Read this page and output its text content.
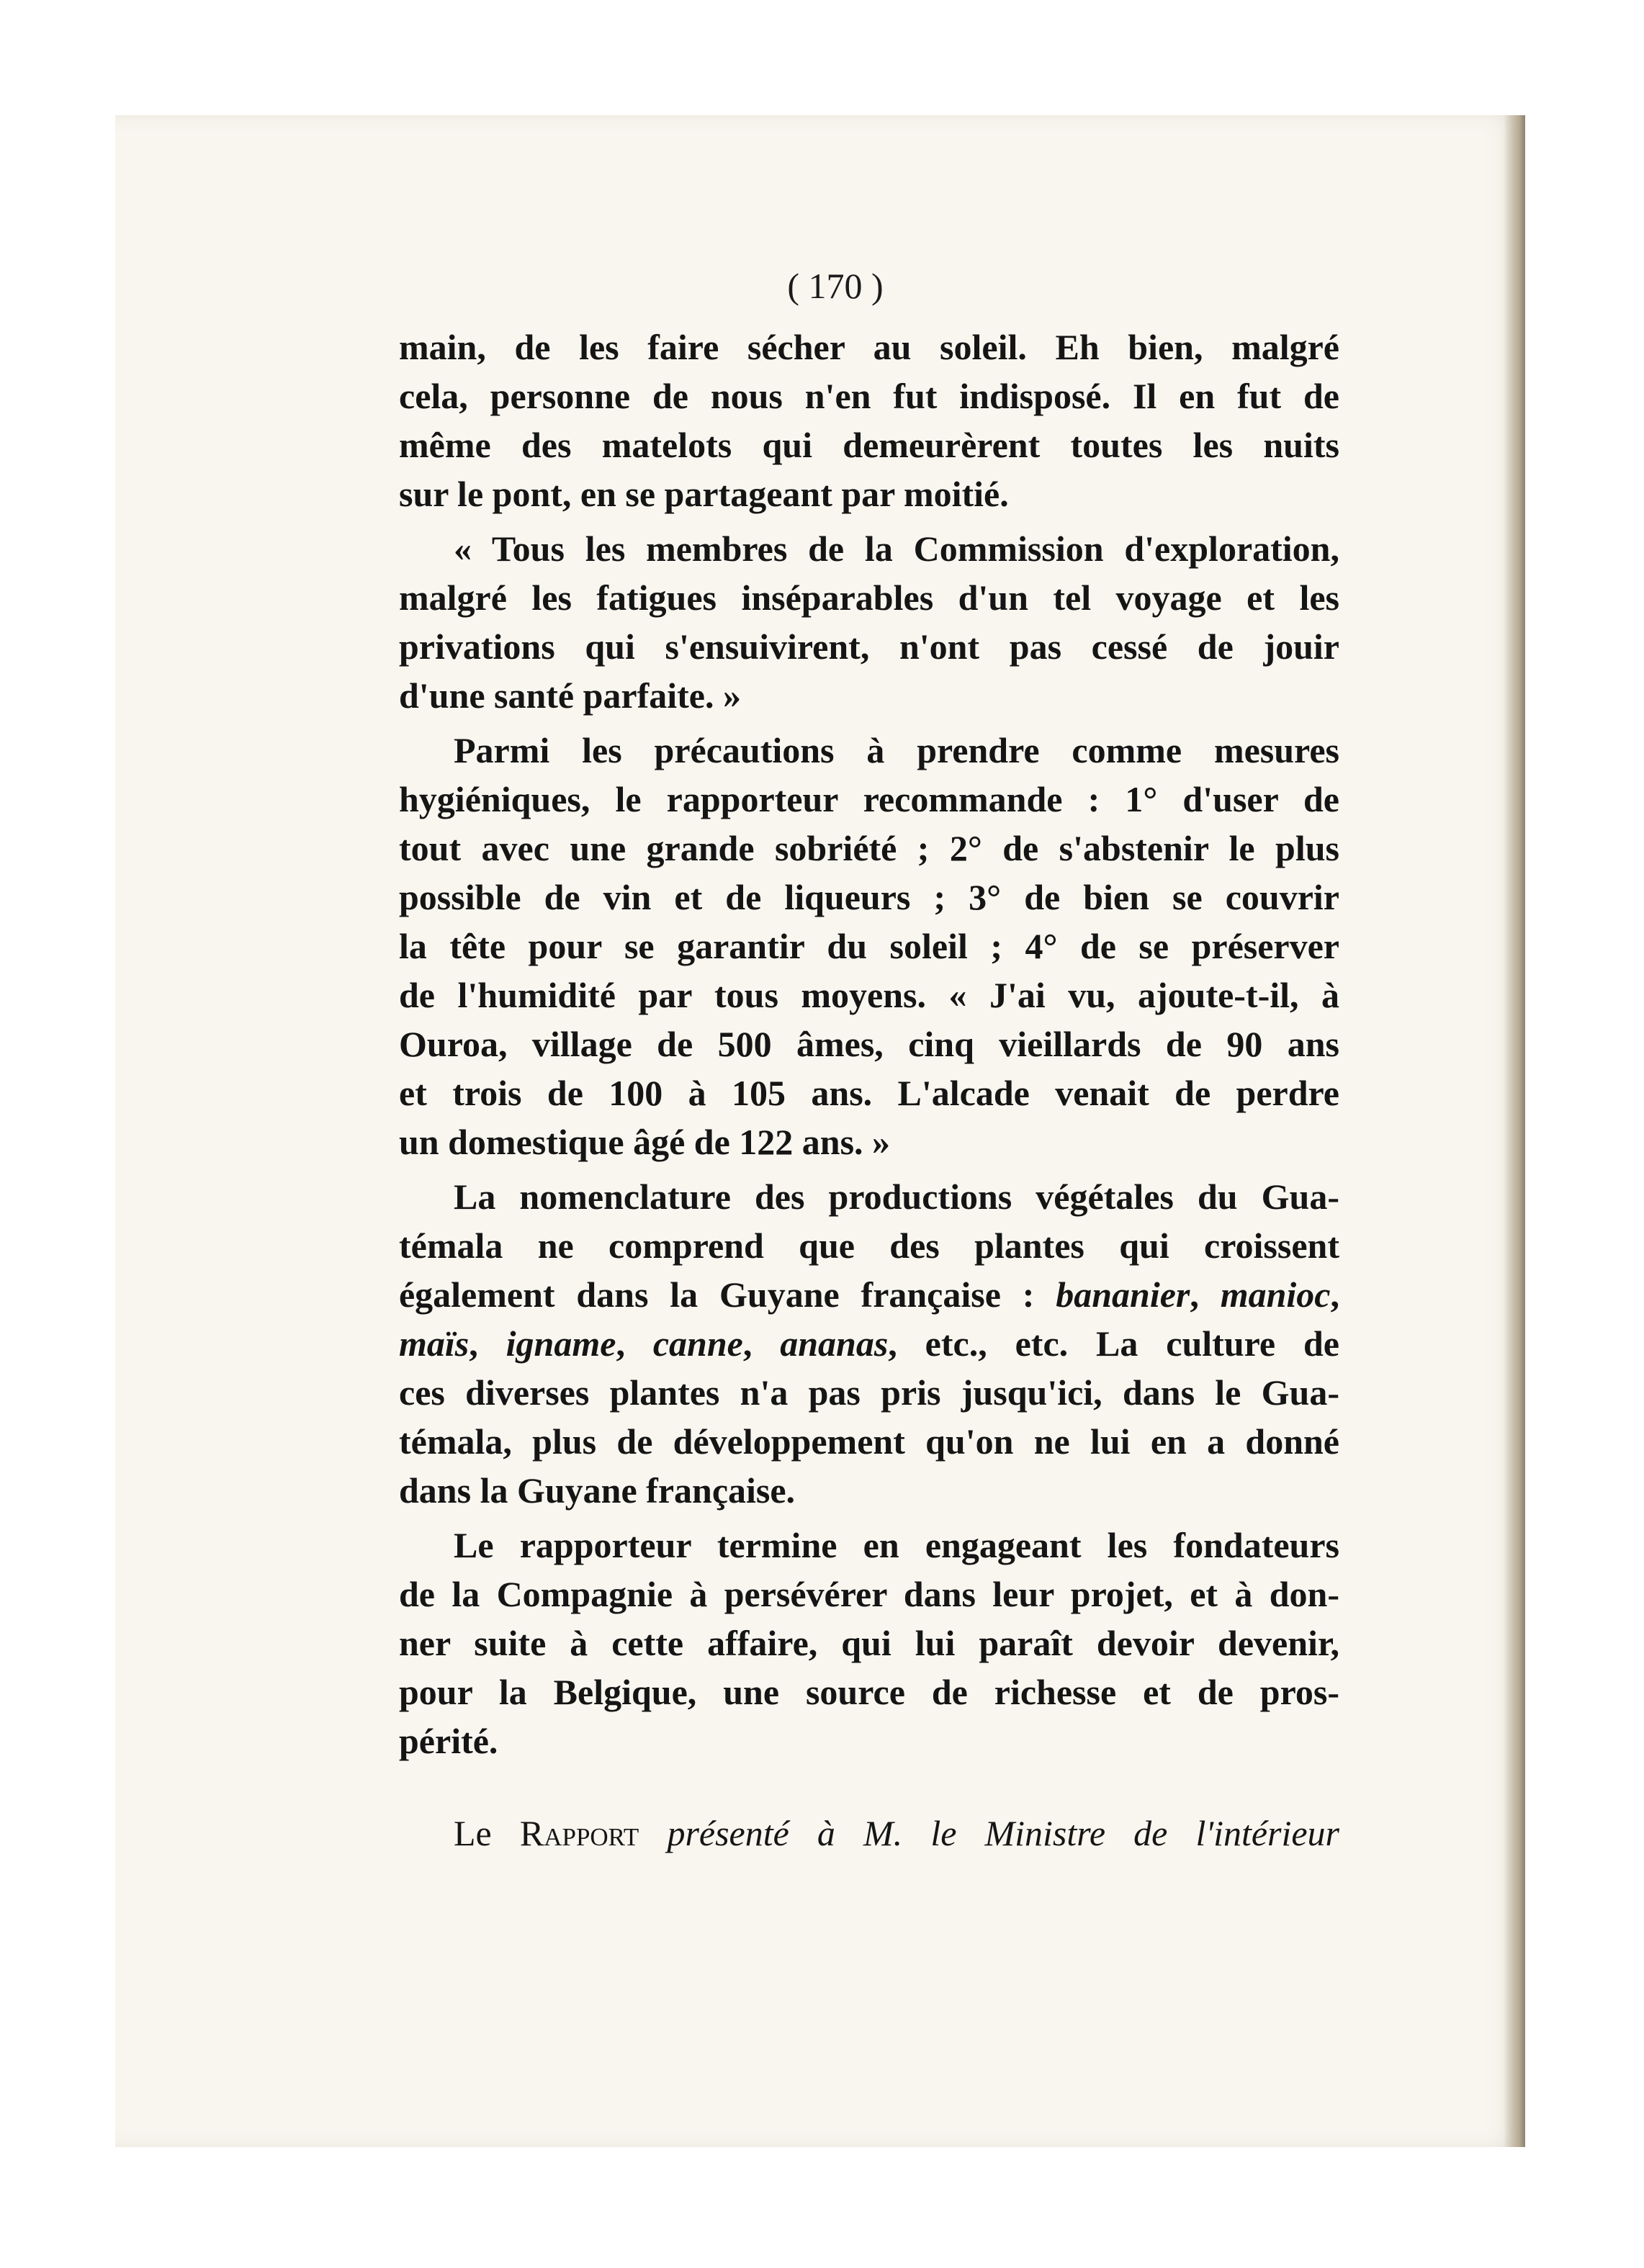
( 170 )
main, de les faire sécher au soleil. Eh bien, malgré
cela, personne de nous n'en fut indisposé. Il en fut de
même des matelots qui demeurèrent toutes les nuits
sur le pont, en se partageant par moitié.
« Tous les membres de la Commission d'exploration,
malgré les fatigues inséparables d'un tel voyage et les
privations qui s'ensuivirent, n'ont pas cessé de jouir
d'une santé parfaite. »
Parmi les précautions à prendre comme mesures
hygiéniques, le rapporteur recommande : 1° d'user de
tout avec une grande sobriété ; 2° de s'abstenir le plus
possible de vin et de liqueurs ; 3° de bien se couvrir
la tête pour se garantir du soleil ; 4° de se préserver
de l'humidité par tous moyens. « J'ai vu, ajoute-t-il, à
Ouroa, village de 500 âmes, cinq vieillards de 90 ans
et trois de 100 à 105 ans. L'alcade venait de perdre
un domestique âgé de 122 ans. »
La nomenclature des productions végétales du Gua-
témala ne comprend que des plantes qui croissent
également dans la Guyane française : bananier, manioc,
maïs, igname, canne, ananas, etc., etc. La culture de
ces diverses plantes n'a pas pris jusqu'ici, dans le Gua-
témala, plus de développement qu'on ne lui en a donné
dans la Guyane française.
Le rapporteur termine en engageant les fondateurs
de la Compagnie à persévérer dans leur projet, et à don-
ner suite à cette affaire, qui lui paraît devoir devenir,
pour la Belgique, une source de richesse et de pros-
périté.
Le Rapport présenté à M. le Ministre de l'intérieur
